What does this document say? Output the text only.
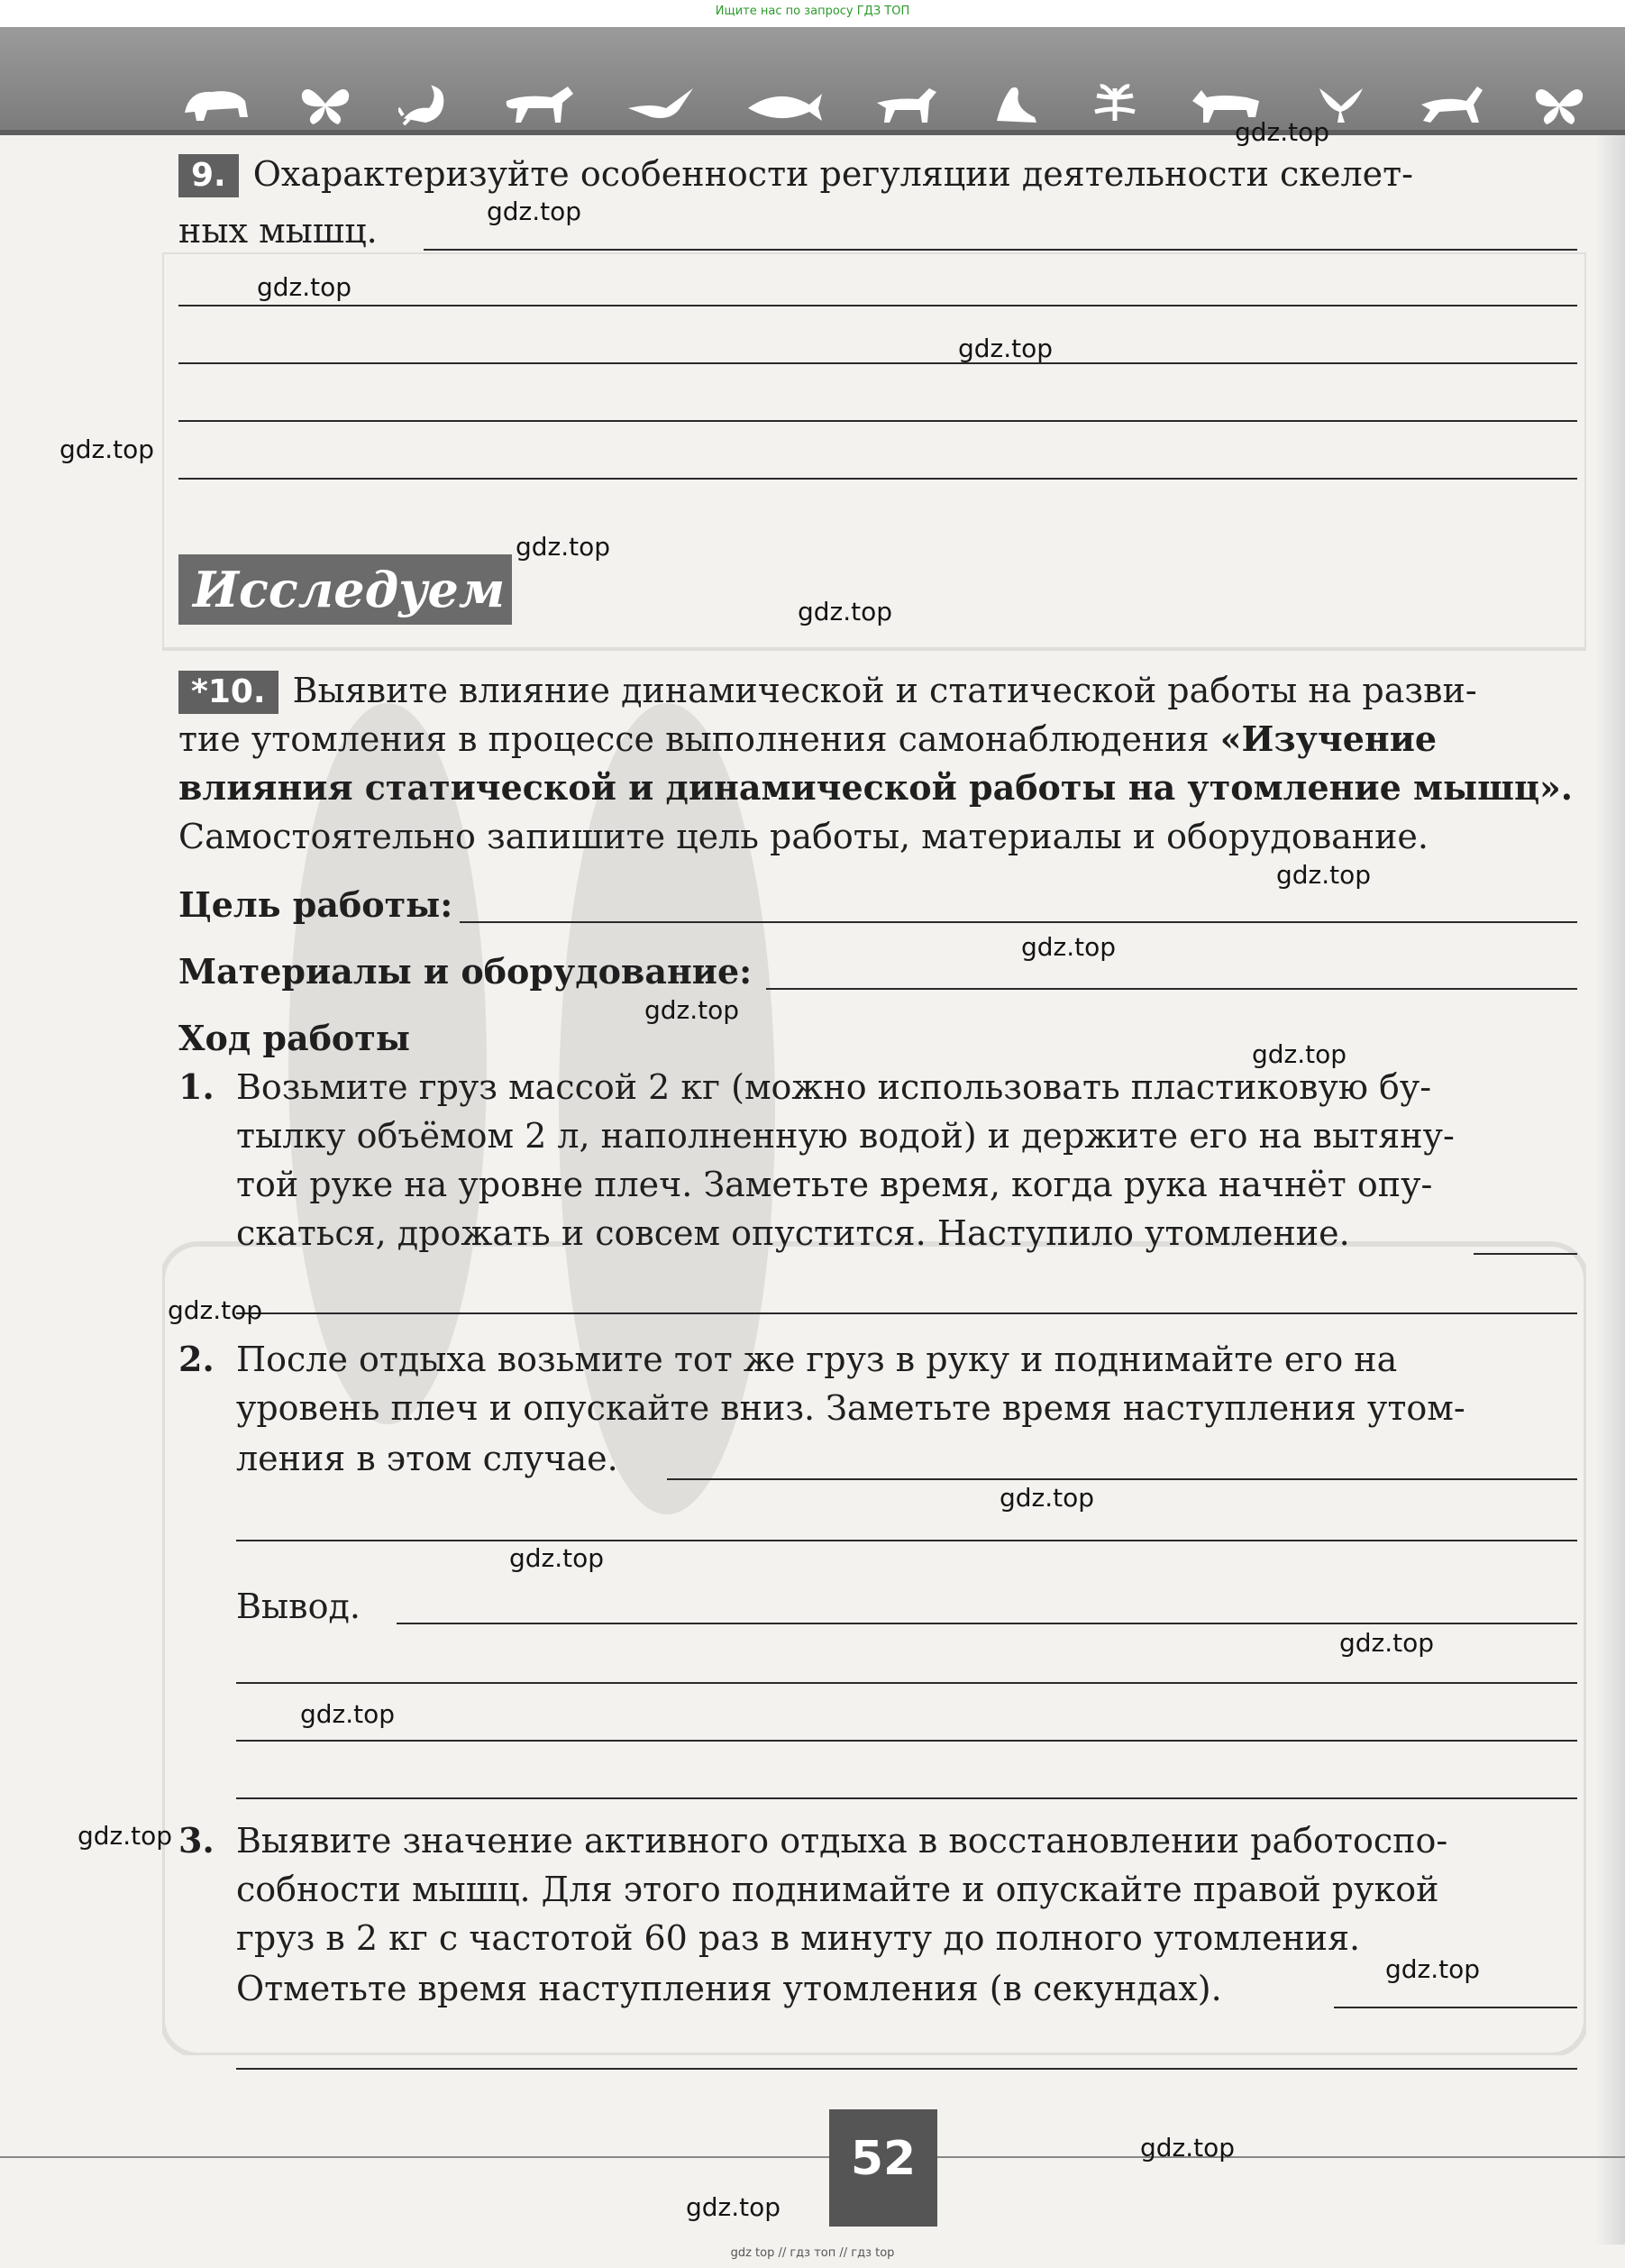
Ищите нас по запросу ГДЗ ТОП
9. Охарактеризуйте особенности регуляции деятельности скелет-
ных мышц.
Исследуем
*10. Выявите влияние динамической и статической работы на разви-
тие утомления в процессе выполнения самонаблюдения «Изучение
влияния статической и динамической работы на утомление мышц».
Самостоятельно запишите цель работы, материалы и оборудование.
Цель работы:
Материалы и оборудование:
Ход работы
1. Возьмите груз массой 2 кг (можно использовать пластиковую бу-
тылку объёмом 2 л, наполненную водой) и держите его на вытяну-
той руке на уровне плеч. Заметьте время, когда рука начнёт опу-
скаться, дрожать и совсем опустится. Наступило утомление.
2. После отдыха возьмите тот же груз в руку и поднимайте его на
уровень плеч и опускайте вниз. Заметьте время наступления утом-
ления в этом случае.
Вывод.
3. Выявите значение активного отдыха в восстановлении работоспо-
собности мышц. Для этого поднимайте и опускайте правой рукой
груз в 2 кг с частотой 60 раз в минуту до полного утомления.
Отметьте время наступления утомления (в секундах).
52
gdz.top
gdz.top
gdz.top
gdz.top
gdz.top
gdz.top
gdz.top
gdz.top
gdz.top
gdz.top
gdz.top
gdz.top
gdz.top
gdz.top
gdz.top
gdz.top
gdz.top
gdz.top
gdz.top
gdz.top
gdz top // гдз топ // гдз top
